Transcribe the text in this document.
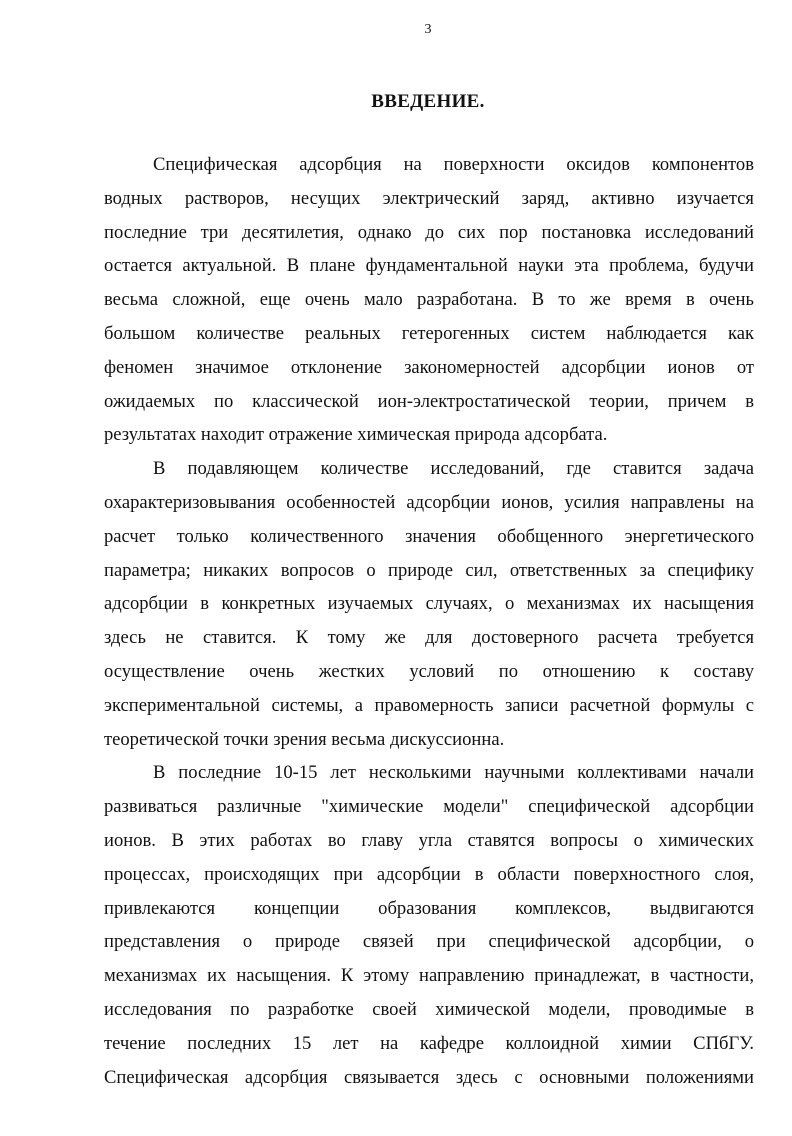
3
ВВЕДЕНИЕ.
Специфическая адсорбция на поверхности оксидов компонентов
водных растворов, несущих электрический заряд, активно изучается
последние три десятилетия, однако до сих пор постановка исследований
остается актуальной. В плане фундаментальной науки эта проблема, будучи
весьма сложной, еще очень мало разработана. В то же время в очень
большом количестве реальных гетерогенных систем наблюдается как
феномен значимое отклонение закономерностей адсорбции ионов от
ожидаемых по классической ион-электростатической теории, причем в
результатах находит отражение химическая природа адсорбата.
В подавляющем количестве исследований, где ставится задача
охарактеризовывания особенностей адсорбции ионов, усилия направлены на
расчет только количественного значения обобщенного энергетического
параметра; никаких вопросов о природе сил, ответственных за специфику
адсорбции в конкретных изучаемых случаях, о механизмах их насыщения
здесь не ставится. К тому же для достоверного расчета требуется
осуществление очень жестких условий по отношению к составу
экспериментальной системы, а правомерность записи расчетной формулы с
теоретической точки зрения весьма дискуссионна.
В последние 10-15 лет несколькими научными коллективами начали
развиваться различные "химические модели" специфической адсорбции
ионов. В этих работах во главу угла ставятся вопросы о химических
процессах, происходящих при адсорбции в области поверхностного слоя,
привлекаются концепции образования комплексов, выдвигаются
представления о природе связей при специфической адсорбции, о
механизмах их насыщения. К этому направлению принадлежат, в частности,
исследования по разработке своей химической модели, проводимые в
течение последних 15 лет на кафедре коллоидной химии СПбГУ.
Специфическая адсорбция связывается здесь с основными положениями
